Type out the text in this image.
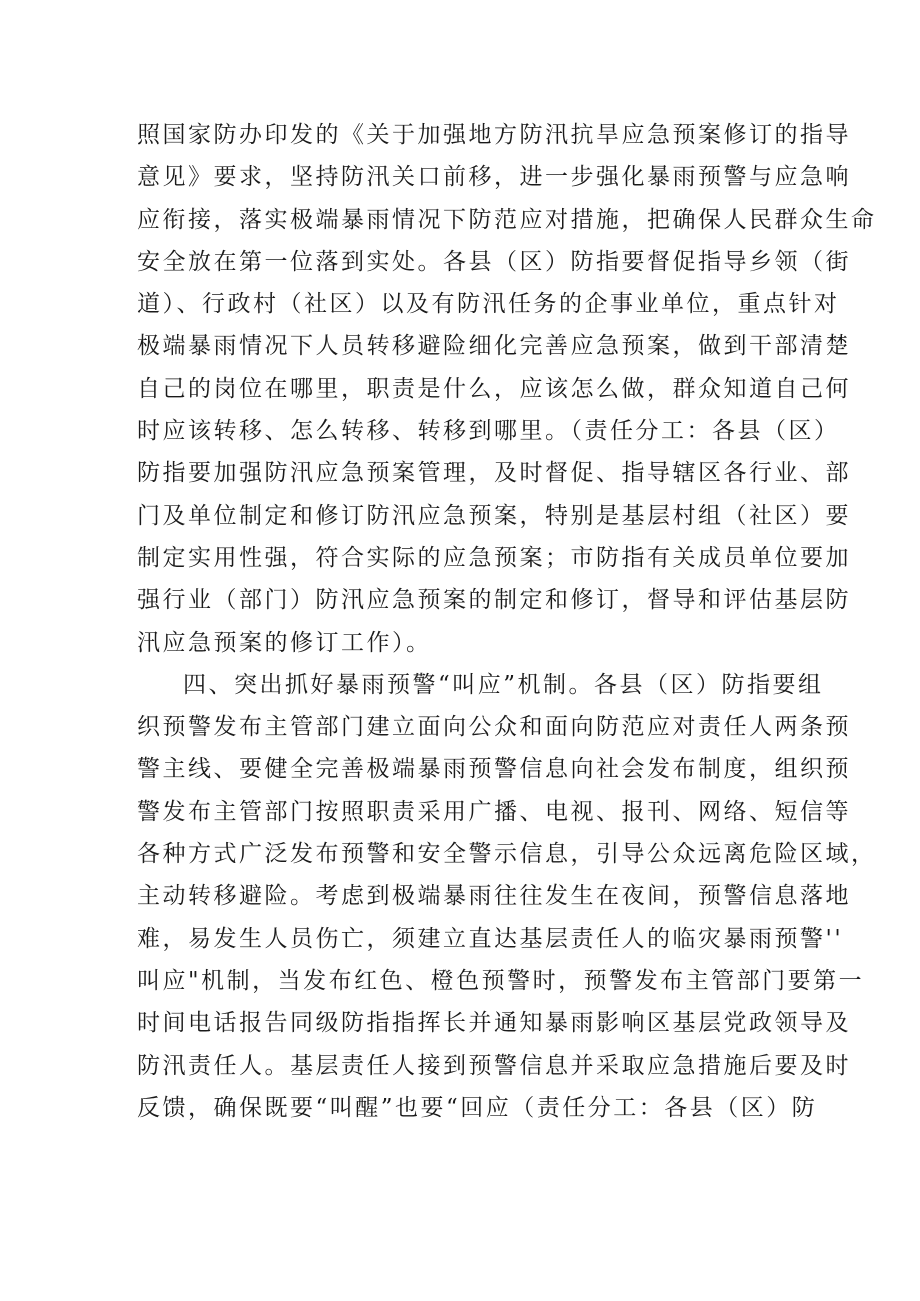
照国家防办印发的《关于加强地方防汛抗旱应急预案修订的指导
意见》要求，坚持防汛关口前移，进一步强化暴雨预警与应急响
应衔接，落实极端暴雨情况下防范应对措施，把确保人民群众生命
安全放在第一位落到实处。各县（区）防指要督促指导乡领（街
道）、行政村（社区）以及有防汛任务的企事业单位，重点针对
极端暴雨情况下人员转移避险细化完善应急预案，做到干部清楚
自己的岗位在哪里，职责是什么，应该怎么做，群众知道自己何
时应该转移、怎么转移、转移到哪里。（责任分工：各县（区）
防指要加强防汛应急预案管理，及时督促、指导辖区各行业、部
门及单位制定和修订防汛应急预案，特别是基层村组（社区）要
制定实用性强，符合实际的应急预案；市防指有关成员单位要加
强行业（部门）防汛应急预案的制定和修订，督导和评估基层防
汛应急预案的修订工作）。
四、突出抓好暴雨预警“叫应”机制。各县（区）防指要组
织预警发布主管部门建立面向公众和面向防范应对责任人两条预
警主线、要健全完善极端暴雨预警信息向社会发布制度，组织预
警发布主管部门按照职责采用广播、电视、报刊、网络、短信等
各种方式广泛发布预警和安全警示信息，引导公众远离危险区域，
主动转移避险。考虑到极端暴雨往往发生在夜间，预警信息落地
难，易发生人员伤亡，须建立直达基层责任人的临灾暴雨预警''
叫应"机制，当发布红色、橙色预警时，预警发布主管部门要第一
时间电话报告同级防指指挥长并通知暴雨影响区基层党政领导及
防汛责任人。基层责任人接到预警信息并采取应急措施后要及时
反馈，确保既要“叫醒”也要“回应（责任分工：各县（区）防
